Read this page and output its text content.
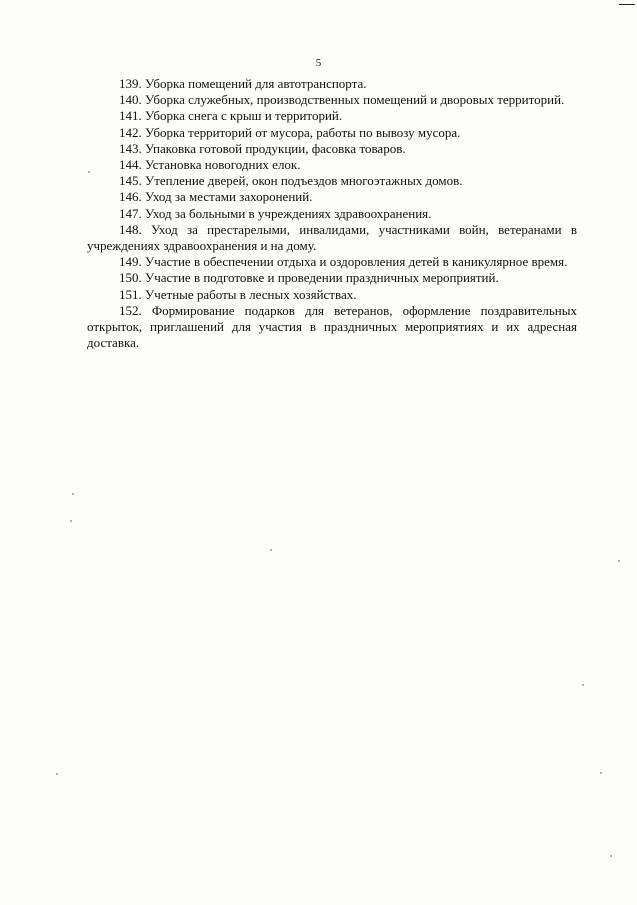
5

139. Уборка помещений для автотранспорта.

140. Уборка служебных, производственных помещений и дворовых территорий.

141. Уборка снега с крыш и территорий.

142. Уборка территорий от мусора, работы по вывозу мусора.

143. Упаковка готовой продукции, фасовка товаров.

144. Установка новогодних елок.

145. Утепление дверей, окон подъездов многоэтажных домов.

146. Уход за местами захоронений.

147. Уход за больными в учреждениях здравоохранения.

148. Уход за престарелыми, инвалидами, участниками войн, ветеранами в учреждениях здравоохранения и на дому.

149. Участие в обеспечении отдыха и оздоровления детей в каникулярное время.

150. Участие в подготовке и проведении праздничных мероприятий.

151. Учетные работы в лесных хозяйствах.

152. Формирование подарков для ветеранов, оформление поздравительных открыток, приглашений для участия в праздничных мероприятиях и их адресная доставка.
